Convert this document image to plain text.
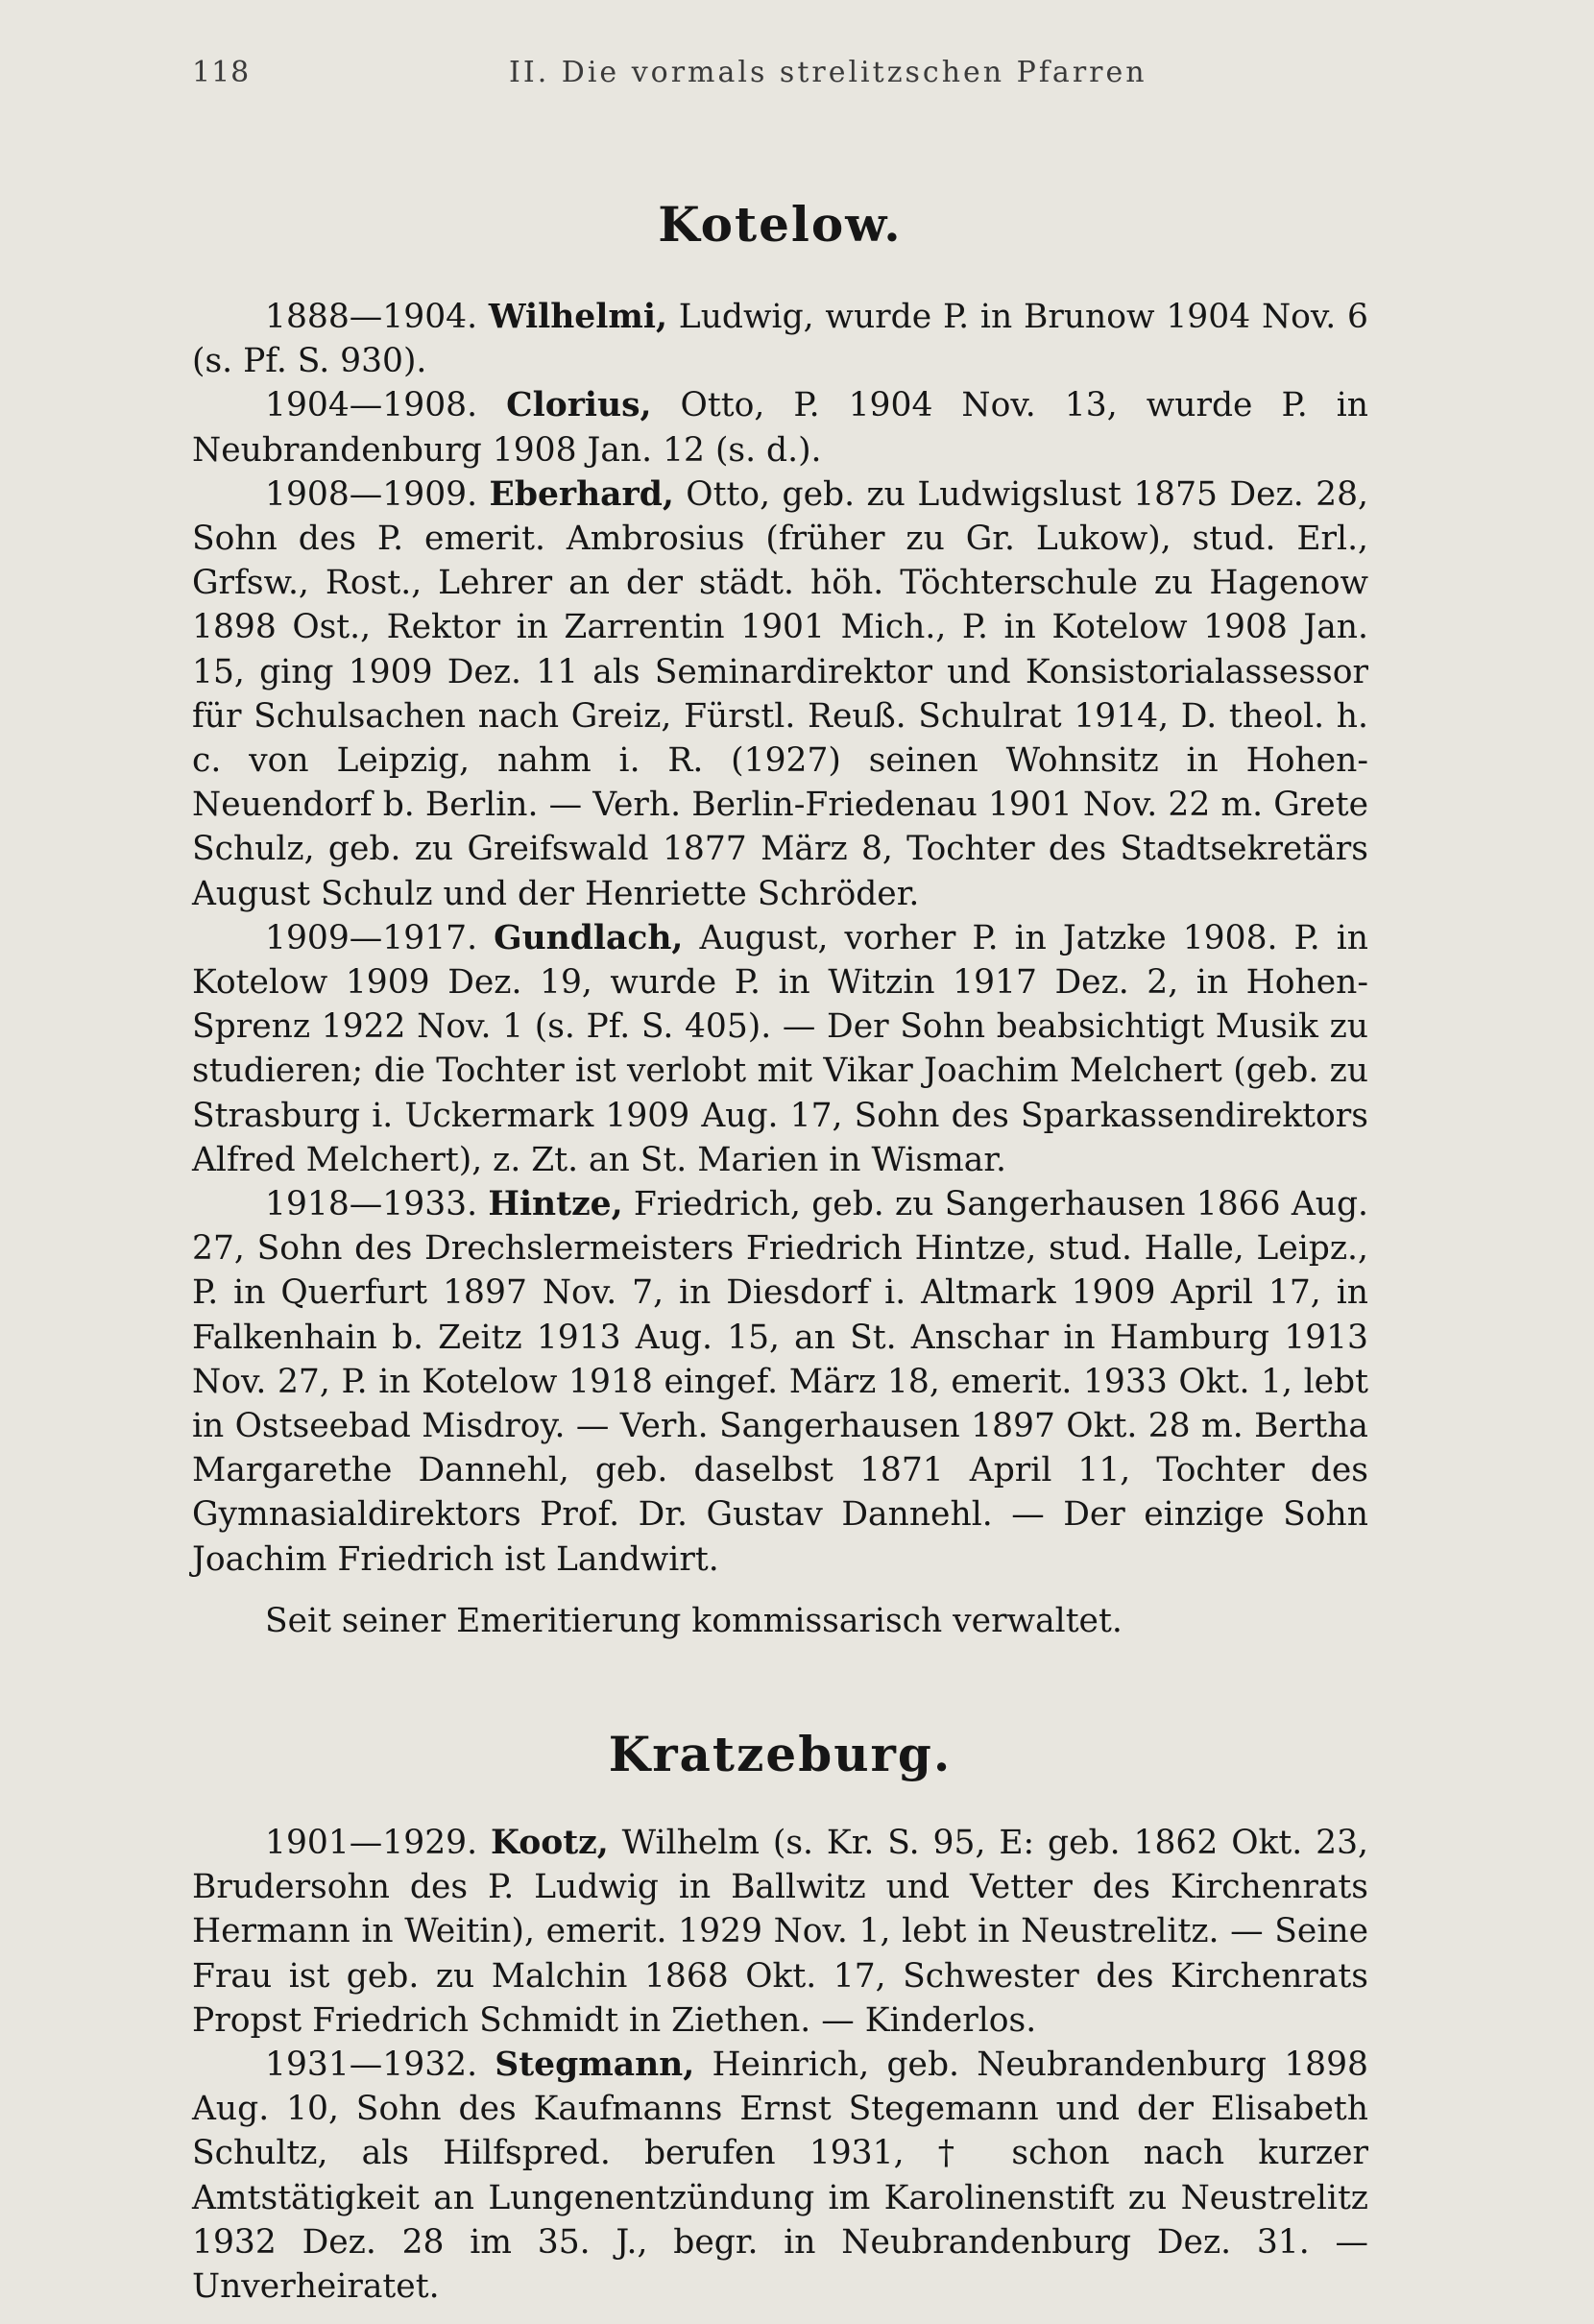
118	II. Die vormals strelitzschen Pfarren
Kotelow.

1888—1904. Wilhelmi, Ludwig, wurde P. in Brunow 1904 Nov. 6 (s. Pf. S. 930).

1904—1908. Clorius, Otto, P. 1904 Nov. 13, wurde P. in Neubrandenburg 1908 Jan. 12 (s. d.).

1908—1909. Eberhard, Otto, geb. zu Ludwigslust 1875 Dez. 28, Sohn des P. emerit. Ambrosius (früher zu Gr. Lukow), stud. Erl., Grfsw., Rost., Lehrer an der städt. höh. Töchterschule zu Hagenow 1898 Ost., Rektor in Zarrentin 1901 Mich., P. in Kotelow 1908 Jan. 15, ging 1909 Dez. 11 als Seminardirektor und Konsistorialassessor für Schulsachen nach Greiz, Fürstl. Reuß. Schulrat 1914, D. theol. h. c. von Leipzig, nahm i. R. (1927) seinen Wohnsitz in Hohen-Neuendorf b. Berlin. — Verh. Berlin-Friedenau 1901 Nov. 22 m. Grete Schulz, geb. zu Greifswald 1877 März 8, Tochter des Stadtsekretärs August Schulz und der Henriette Schröder.

1909—1917. Gundlach, August, vorher P. in Jatzke 1908. P. in Kotelow 1909 Dez. 19, wurde P. in Witzin 1917 Dez. 2, in Hohen-Sprenz 1922 Nov. 1 (s. Pf. S. 405). — Der Sohn beabsichtigt Musik zu studieren; die Tochter ist verlobt mit Vikar Joachim Melchert (geb. zu Strasburg i. Uckermark 1909 Aug. 17, Sohn des Sparkassendirektors Alfred Melchert), z. Zt. an St. Marien in Wismar.

1918—1933. Hintze, Friedrich, geb. zu Sangerhausen 1866 Aug. 27, Sohn des Drechslermeisters Friedrich Hintze, stud. Halle, Leipz., P. in Querfurt 1897 Nov. 7, in Diesdorf i. Altmark 1909 April 17, in Falkenhain b. Zeitz 1913 Aug. 15, an St. Anschar in Hamburg 1913 Nov. 27, P. in Kotelow 1918 eingef. März 18, emerit. 1933 Okt. 1, lebt in Ostseebad Misdroy. — Verh. Sangerhausen 1897 Okt. 28 m. Bertha Margarethe Dannehl, geb. daselbst 1871 April 11, Tochter des Gymnasialdirektors Prof. Dr. Gustav Dannehl. — Der einzige Sohn Joachim Friedrich ist Landwirt.

Seit seiner Emeritierung kommissarisch verwaltet.

Kratzeburg.

1901—1929. Kootz, Wilhelm (s. Kr. S. 95, E: geb. 1862 Okt. 23, Brudersohn des P. Ludwig in Ballwitz und Vetter des Kirchenrats Hermann in Weitin), emerit. 1929 Nov. 1, lebt in Neustrelitz. — Seine Frau ist geb. zu Malchin 1868 Okt. 17, Schwester des Kirchenrats Propst Friedrich Schmidt in Ziethen. — Kinderlos.

1931—1932. Stegmann, Heinrich, geb. Neubrandenburg 1898 Aug. 10, Sohn des Kaufmanns Ernst Stegemann und der Elisabeth Schultz, als Hilfspred. berufen 1931, † schon nach kurzer Amtstätigkeit an Lungenentzündung im Karolinenstift zu Neustrelitz 1932 Dez. 28 im 35. J., begr. in Neubrandenburg Dez. 31. — Unverheiratet.
